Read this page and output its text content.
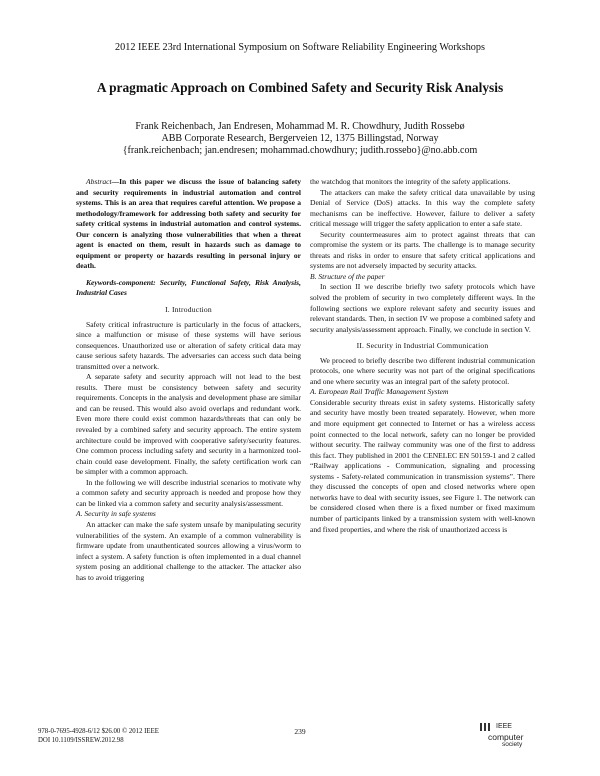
2012 IEEE 23rd International Symposium on Software Reliability Engineering Workshops
A pragmatic Approach on Combined Safety and Security Risk Analysis
Frank Reichenbach, Jan Endresen, Mohammad M. R. Chowdhury, Judith Rossebø
ABB Corporate Research, Bergerveien 12, 1375 Billingstad, Norway
{frank.reichenbach; jan.endresen; mohammad.chowdhury; judith.rossebo}@no.abb.com

Abstract—In this paper we discuss the issue of balancing safety and security requirements in industrial automation and control systems. This is an area that requires careful attention. We propose a methodology/framework for addressing both safety and security for safety critical systems in industrial automation and control systems. Our concern is analyzing those vulnerabilities that when a threat agent is enacted on them, result in hazards such as damage to equipment or property or hazards resulting in personal injury or death.

Keywords-component: Security, Functional Safety, Risk Analysis, Industrial Cases

I. Introduction

Safety critical infrastructure is particularly in the focus of attackers, since a malfunction or misuse of these systems will have serious consequences. Unauthorized use or alteration of safety critical data may cause serious safety hazards. The adversaries can access such data being transmitted over a network.

A separate safety and security approach will not lead to the best results. There must be consistency between safety and security requirements. Concepts in the analysis and development phase are similar and can be reused. This would also avoid overlaps and redundant work. Even more there could exist common hazards/threats that can only be revealed by a combined safety and security approach. The entire system architecture could be improved with cooperative safety/security features. One common process including safety and security in a harmonized tool-chain could ease development. Finally, the safety certification work can be simpler with a common approach.

In the following we will describe industrial scenarios to motivate why a common safety and security approach is needed and propose how they can be linked via a common safety and security analysis/assessment.

A. Security in safe systems

An attacker can make the safe system unsafe by manipulating security vulnerabilities of the system. An example of a common vulnerability is firmware update from unauthenticated sources allowing a virus/worm to infect a system. A safety function is often implemented in a dual channel system posing an additional challenge to the attacker. The attacker also has to avoid triggering

the watchdog that monitors the integrity of the safety applications.

The attackers can make the safety critical data unavailable by using Denial of Service (DoS) attacks. In this way the complete safety mechanisms can be ineffective. However, failure to deliver a safety critical message will trigger the safety application to enter a safe state.

Security countermeasures aim to protect against threats that can compromise the system or its parts. The challenge is to manage security threats and risks in order to ensure that safety critical applications and systems are not adversely impacted by security attacks.

B. Structure of the paper

In section II we describe briefly two safety protocols which have solved the problem of security in two completely different ways. In the following sections we explore relevant safety and security issues and relevant standards. Then, in section IV we propose a combined safety and security analysis/assessment approach. Finally, we conclude in section V.

II. Security in Industrial Communication

We proceed to briefly describe two different industrial communication protocols, one where security was not part of the original specifications and one where security was an integral part of the safety protocol.

A. European Rail Traffic Management System

Considerable security threats exist in safety systems. Historically safety and security have mostly been treated separately. However, when more and more equipment get connected to Internet or has a wireless access point connected to the local network, safety can no longer be provided without security. The railway community was one of the first to address this fact. They published in 2001 the CENELEC EN 50159-1 and 2 called “Railway applications - Communication, signaling and processing systems - Safety-related communication in transmission systems”. There they discussed the concepts of open and closed networks where open networks have to deal with security issues, see Figure 1. The network can be considered closed when there is a fixed number or fixed maximum number of participants linked by a transmission system with well-known and fixed properties, and where the risk of unauthorized access is

978-0-7695-4928-6/12 $26.00 © 2012 IEEE
DOI 10.1109/ISSREW.2012.98
239
IEEE
computer
society
